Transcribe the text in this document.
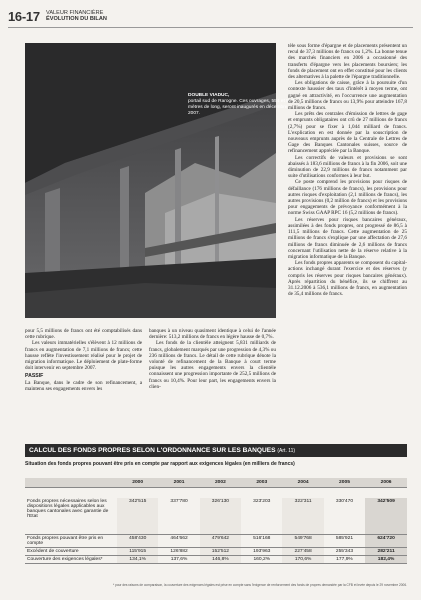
16-17 VALEUR FINANCIÈRE
ÉVOLUTION DU BILAN
DOUBLE VIADUC,
portail sud de Rarogne. Ces ouvrages, 554 et 817 mètres de long, seront inaugurés en décembre 2007.

pour 5,5 millions de francs ont été comptabilisés dans cette rubrique.

Les valeurs immatérielles s'élèvent à 12 millions de francs en augmentation de 7,1 millions de francs; cette hausse reflète l'investissement réalisé pour le projet de migration informatique. Le déploiement de plate-forme doit intervenir en septembre 2007.

PASSIF

La Banque, dans le cadre de son refinancement, a maintenu ses engagements envers les

banques à un niveau quasiment identique à celui de l'année dernière: 513,2 millions de francs en légère hausse de 0,7%.

Les fonds de la clientèle atteignent 5,831 milliards de francs, globalement marqués par une progression de 4,3% ou 236 millions de francs. Le détail de cette rubrique dénote la volonté de refinancement de la Banque à court terme puisque les autres engagements envers la clientèle connaissent une progression importante de 252,5 millions de francs ou 10,4%. Pour leur part, les engagements envers la clien-

tèle sous forme d'épargne et de placements présentent un recul de 37,3 millions de francs ou 1,2%. La bonne tenue des marchés financiers en 2006 a occasionné des transferts d'épargne vers les placements boursiers; les fonds de placement ont en effet constitué pour les clients des alternatives à la palette de l'épargne traditionnelle.

Les obligations de caisse, grâce à la poursuite d'un contexte haussier des taux d'intérêt à moyen terme, ont gagné en attractivité, en l'occurrence une augmentation de 20,5 millions de francs ou 13,9% pour atteindre 167,8 millions de francs.

Les prêts des centrales d'émission de lettres de gage et emprunts obligataires ont crû de 27 millions de francs (2,7%) pour se fixer à 1,044 milliard de francs. L'explication en est donnée par la souscription de nouveaux emprunts auprès de la Centrale de Lettres de Gage des Banques Cantonales suisses, source de refinancement appréciée par la Banque.

Les correctifs de valeurs et provisions se sont abaissés à 183,6 millions de francs à la fin 2006, soit une diminution de 22,9 millions de francs notamment par suite d'utilisations conformes à leur but.

Ce poste comprend les provisions pour risques de défaillance (176 millions de francs), les provisions pour autres risques d'exploitation (2,1 millions de francs), les autres provisions (0,2 million de francs) et les provisions pour engagements de prévoyance conformément à la norme Swiss GAAP RPC 16 (5,2 millions de francs).

Les réserves pour risques bancaires généraux, assimilées à des fonds propres, ont progressé de 86,5 à 111,5 millions de francs. Cette augmentation de 25 millions de francs s'explique par une affectation de 27,6 millions de francs diminuée de 2,6 millions de francs concernant l'utilisation nette de la réserve relative à la migration informatique de la Banque.

Les fonds propres apparents se composent du capital-actions inchangé durant l'exercice et des réserves (y compris les réserves pour risques bancaires généraux). Après répartition du bénéfice, ils se chiffrent au 31.12.2006 à 536,1 millions de francs, en augmentation de 35,4 millions de francs.

CALCUL DES FONDS PROPRES SELON L'ORDONNANCE SUR LES BANQUES (Art. 11)
Situation des fonds propres pouvant être pris en compte par rapport aux exigences légales (en milliers de francs)
	2000	2001	2002	2003	2004	2005	2006

Fonds propres nécessaires selon les dispositions légales applicables aux banques cantonales avec garantie de l'Etat	342'515	337'780	326'130	323'203	322'311	330'470	342'509
Fonds propres pouvant être pris en compte	458'430	464'662	479'642	516'168	549'768	585'921	624'720
Excédent de couverture	115'915	126'882	152'512	193'963	227'458	255'343	282'211
Couverture des exigences légales*	134,1%	137,6%	146,8%	160,2%	170,6%	177,9%	182,4%
* pour des raisons de comparaison, la couverture des exigences légales est prise en compte sans l'exigence de renforcement des fonds de propres demandée par la CFB et levée depuis le 29 novembre 2006.
